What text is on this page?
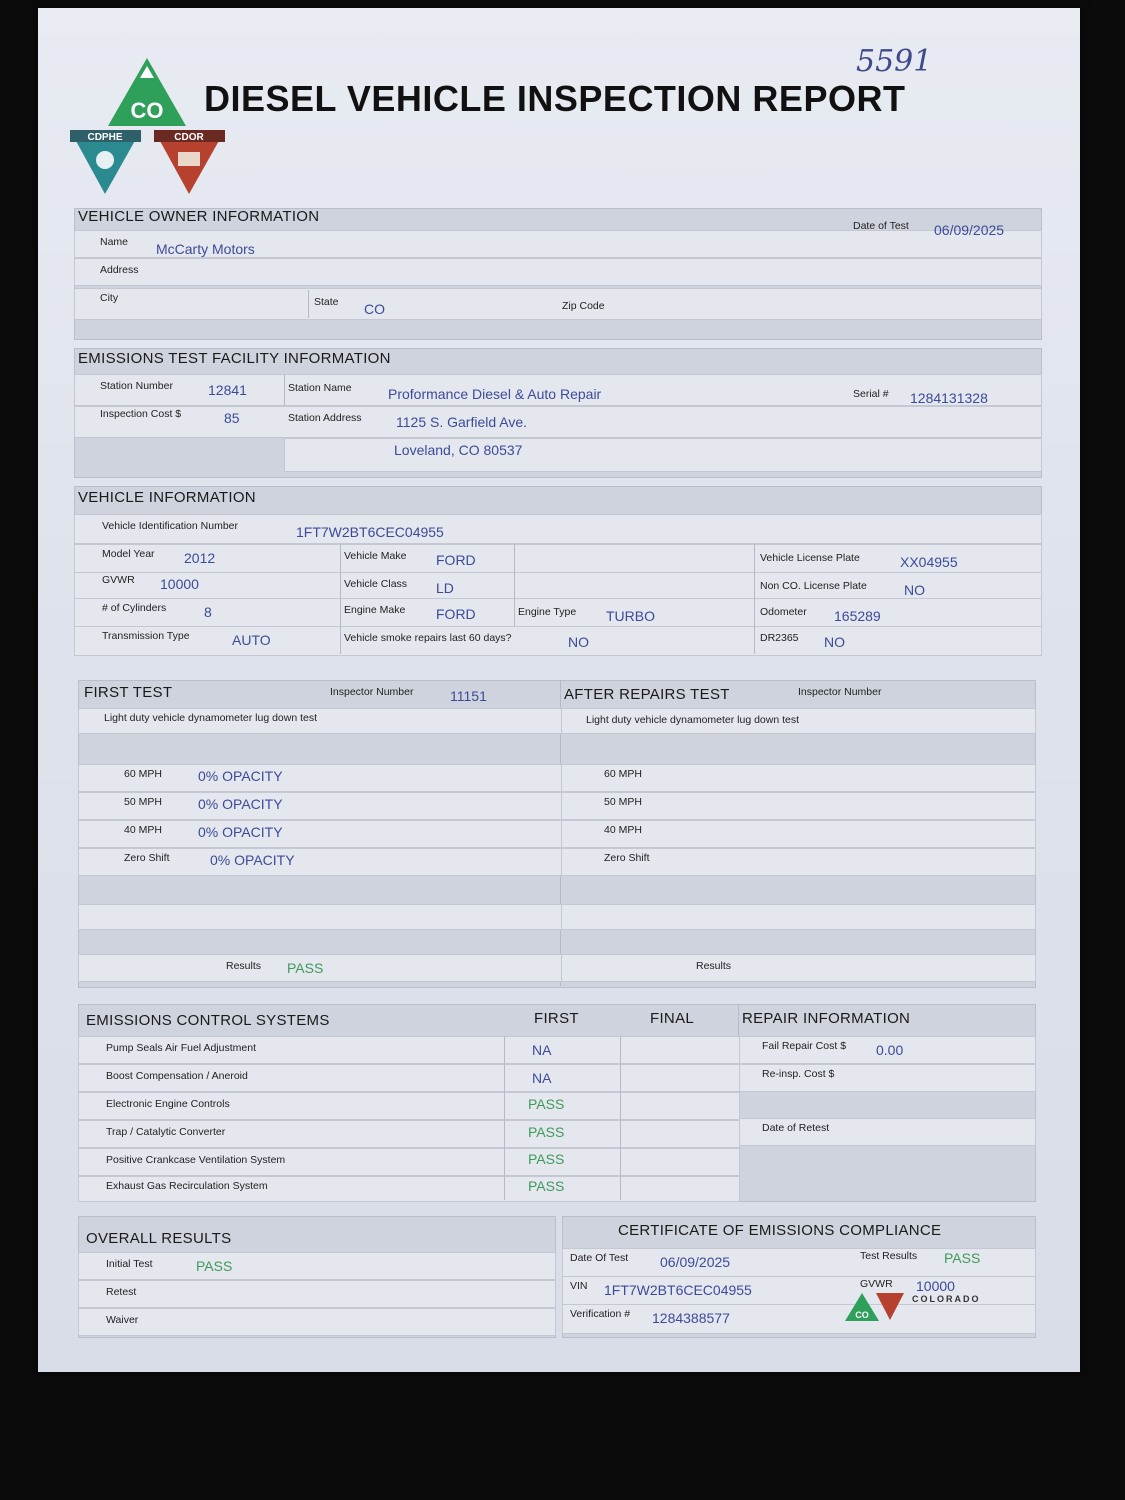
CO
CDPHE	CDOR
DIESEL VEHICLE INSPECTION REPORT
5591
VEHICLE OWNER INFORMATION
Name McCarty Motors
Date of Test 06/09/2025
Address
City	State CO	Zip Code
EMISSIONS TEST FACILITY INFORMATION
Station Number	12841	Station Name	Proformance Diesel & Auto Repair	Serial # 1284131328
Inspection Cost $	85	Station Address 1125 S. Garfield Ave.
Loveland, CO 80537
VEHICLE INFORMATION
Vehicle Identification Number	1FT7W2BT6CEC04955
Model Year 2012	Vehicle Make FORD	Vehicle License Plate	XX04955
GVWR 10000	Vehicle Class LD	Non CO. License Plate	NO
# of Cylinders	8	Engine Make FORD	Engine Type TURBO	Odometer 165289
Transmission Type	AUTO	Vehicle smoke repairs last 60 days?	NO	DR2365 NO
FIRST TEST	Inspector Number	11151	AFTER REPAIRS TEST	Inspector Number
Light duty vehicle dynamometer lug down test	Light duty vehicle dynamometer lug down test
60 MPH	0% OPACITY
50 MPH	0% OPACITY
40 MPH	0% OPACITY
Zero Shift	0% OPACITY
Results PASS
60 MPH
50 MPH
40 MPH
Zero Shift
Results
EMISSIONS CONTROL SYSTEMS	FIRST	FINAL	REPAIR INFORMATION
Pump Seals Air Fuel Adjustment	NA
Boost Compensation / Aneroid	NA
Electronic Engine Controls	PASS
Trap / Catalytic Converter	PASS
Positive Crankcase Ventilation System	PASS
Exhaust Gas Recirculation System	PASS
Fail Repair Cost $ 0.00
Re-insp. Cost $
Date of Retest
OVERALL RESULTS
Initial Test	PASS
Retest
Waiver
CERTIFICATE OF EMISSIONS COMPLIANCE
Date Of Test 06/09/2025	Test Results PASS
VIN 1FT7W2BT6CEC04955	GVWR 10000
Verification # 1284388577	CO
COLORADO
